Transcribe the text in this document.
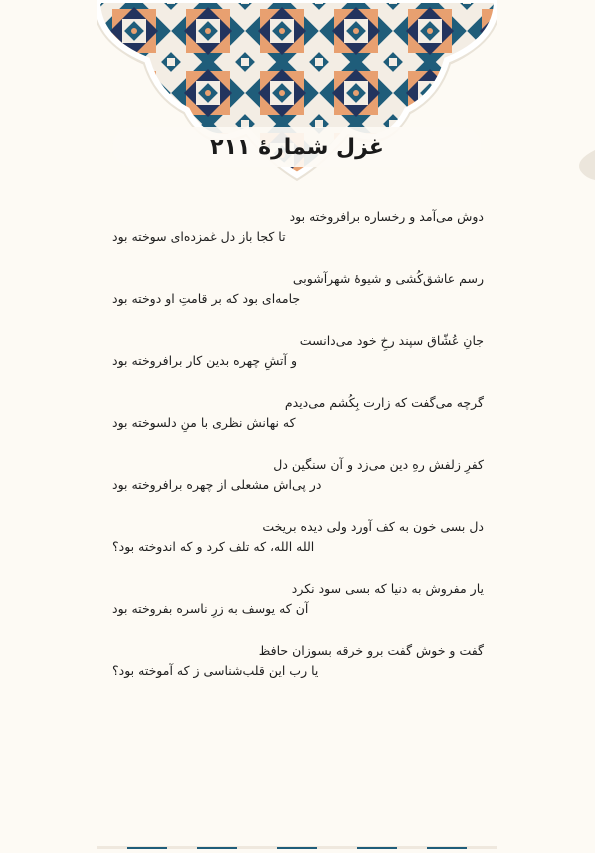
غزل شمارهٔ ۲۱۱
دوش می‌آمد و رخساره برافروخته بود
تا کجا باز دل غمزده‌ای سوخته بود
رسم عاشق‌کُشی و شیوهٔ شهرآشوبی
جامه‌ای بود که بر قامتِ او دوخته بود
جانِ عُشّاق سپند رخِ خود می‌دانست
و آتشِ چهره بدین کار برافروخته بود
گرچه می‌گفت که زارت بِکُشم می‌دیدم
که نهانش نظری با منِ دلسوخته بود
کفرِ زلفش رهِ دین می‌زد و آن سنگین دل
در پی‌اش مشعلی از چهره برافروخته بود
دل بسی خون به کف آورد ولی دیده بریخت
الله الله، که تلف کرد و که اندوخته بود؟
یار مفروش به دنیا که بسی سود نکرد
آن که یوسف به زرِ ناسره بفروخته بود
گفت و خوش گفت برو خرقه بسوزان حافظ
یا رب این قلب‌شناسی ز که آموخته بود؟
